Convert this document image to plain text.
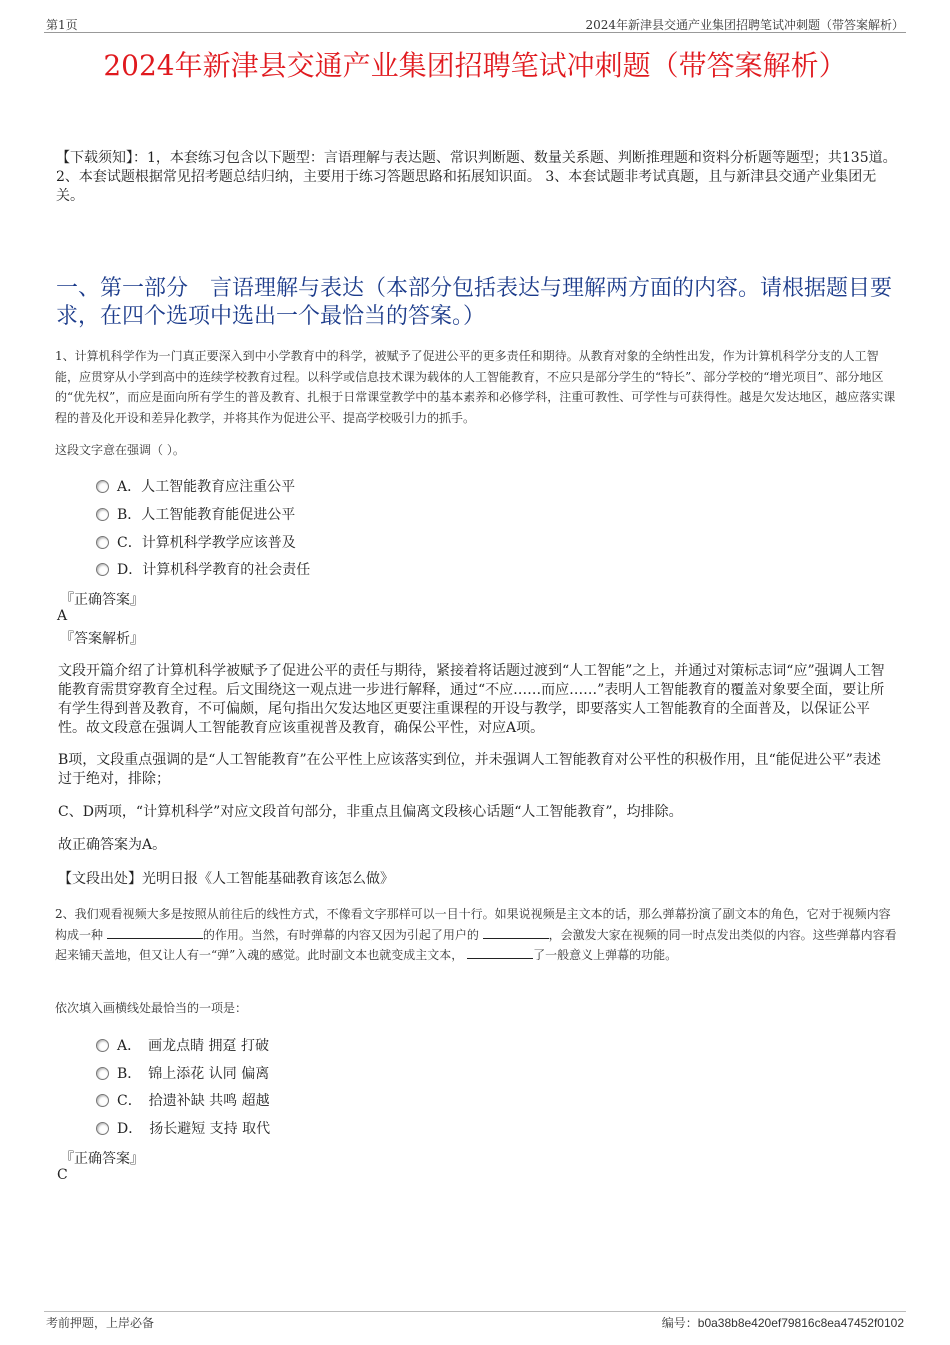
第1页	2024年新津县交通产业集团招聘笔试冲刺题（带答案解析）
2024年新津县交通产业集团招聘笔试冲刺题（带答案解析）
【下载须知】：1，本套练习包含以下题型：言语理解与表达题、常识判断题、数量关系题、判断推理题和资料分析题等题型；共135道。 2、本套试题根据常见招考题总结归纳，主要用于练习答题思路和拓展知识面。 3、本套试题非考试真题，且与新津县交通产业集团无关。
一、第一部分　言语理解与表达（本部分包括表达与理解两方面的内容。请根据题目要求，在四个选项中选出一个最恰当的答案。）
1、计算机科学作为一门真正要深入到中小学教育中的科学，被赋予了促进公平的更多责任和期待。从教育对象的全纳性出发，作为计算机科学分支的人工智能，应贯穿从小学到高中的连续学校教育过程。以科学或信息技术课为载体的人工智能教育，不应只是部分学生的“特长”、部分学校的“增光项目”、部分地区的“优先权”，而应是面向所有学生的普及教育、扎根于日常课堂教学中的基本素养和必修学科，注重可教性、可学性与可获得性。越是欠发达地区，越应落实课程的普及化开设和差异化教学，并将其作为促进公平、提高学校吸引力的抓手。
这段文字意在强调（ ）。
A．人工智能教育应注重公平
B．人工智能教育能促进公平
C．计算机科学教学应该普及
D．计算机科学教育的社会责任
『正确答案』
A
『答案解析』
文段开篇介绍了计算机科学被赋予了促进公平的责任与期待，紧接着将话题过渡到“人工智能”之上，并通过对策标志词“应”强调人工智能教育需贯穿教育全过程。后文围绕这一观点进一步进行解释，通过“不应……而应……”表明人工智能教育的覆盖对象要全面，要让所有学生得到普及教育，不可偏颇，尾句指出欠发达地区更要注重课程的开设与教学，即要落实人工智能教育的全面普及，以保证公平性。故文段意在强调人工智能教育应该重视普及教育，确保公平性，对应A项。
B项，文段重点强调的是“人工智能教育”在公平性上应该落实到位，并未强调人工智能教育对公平性的积极作用，且“能促进公平”表述过于绝对，排除；
C、D两项，“计算机科学”对应文段首句部分，非重点且偏离文段核心话题“人工智能教育”，均排除。
故正确答案为A。
【文段出处】光明日报《人工智能基础教育该怎么做》
2、我们观看视频大多是按照从前往后的线性方式，不像看文字那样可以一目十行。如果说视频是主文本的话，那么弹幕扮演了副文本的角色，它对于视频内容构成一种	的作用。当然，有时弹幕的内容又因为引起了用户的	，会激发大家在视频的同一时点发出类似的内容。这些弹幕内容看起来铺天盖地，但又让人有一“弹”入魂的感觉。此时副文本也就变成主文本，	了一般意义上弹幕的功能。
依次填入画横线处最恰当的一项是：
A．　画龙点睛 拥趸 打破
B．　锦上添花 认同 偏离
C．　拾遗补缺 共鸣 超越
D．　扬长避短 支持 取代
『正确答案』
C
考前押题，上岸必备	编号：b0a38b8e420ef79816c8ea47452f0102
